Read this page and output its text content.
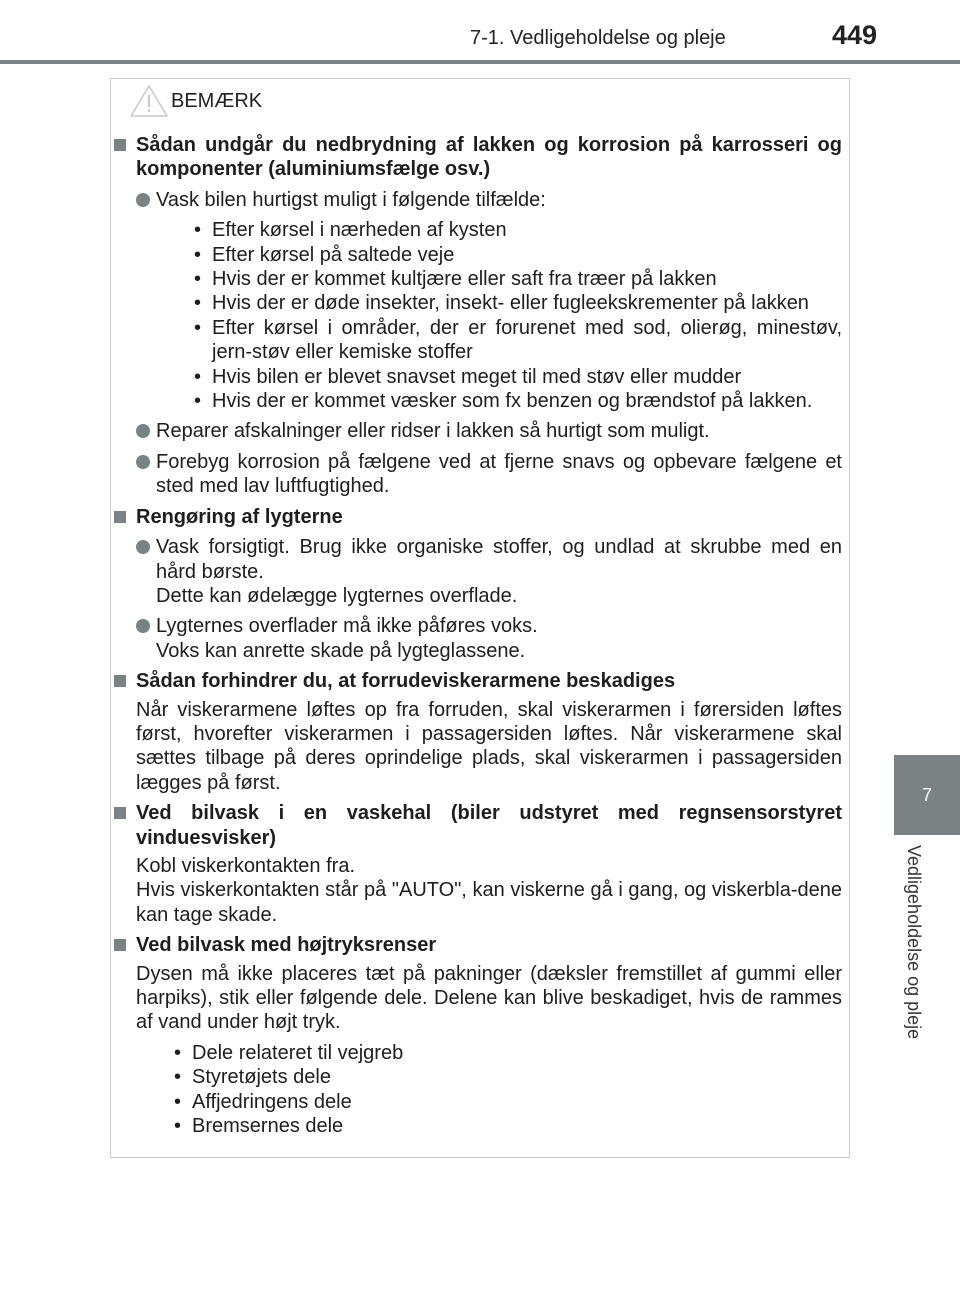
7-1. Vedligeholdelse og pleje	449
7
Vedligeholdelse og pleje
BEMÆRK
Sådan undgår du nedbrydning af lakken og korrosion på karrosseri og komponenter (aluminiumsfælge osv.)
Vask bilen hurtigst muligt i følgende tilfælde:
• Efter kørsel i nærheden af kysten
• Efter kørsel på saltede veje
• Hvis der er kommet kultjære eller saft fra træer på lakken
• Hvis der er døde insekter, insekt- eller fugleekskrementer på lakken
• Efter kørsel i områder, der er forurenet med sod, olierøg, minestøv, jern-støv eller kemiske stoffer
• Hvis bilen er blevet snavset meget til med støv eller mudder
• Hvis der er kommet væsker som fx benzen og brændstof på lakken.
Reparer afskalninger eller ridser i lakken så hurtigt som muligt.
Forebyg korrosion på fælgene ved at fjerne snavs og opbevare fælgene et sted med lav luftfugtighed.
Rengøring af lygterne
Vask forsigtigt. Brug ikke organiske stoffer, og undlad at skrubbe med en hård børste.
Dette kan ødelægge lygternes overflade.
Lygternes overflader må ikke påføres voks.
Voks kan anrette skade på lygteglassene.
Sådan forhindrer du, at forrudeviskerarmene beskadiges
Når viskerarmene løftes op fra forruden, skal viskerarmen i førersiden løftes først, hvorefter viskerarmen i passagersiden løftes. Når viskerarmene skal sættes tilbage på deres oprindelige plads, skal viskerarmen i passagersiden lægges på først.
Ved bilvask i en vaskehal (biler udstyret med regnsensorstyret vinduesvisker)
Kobl viskerkontakten fra.
Hvis viskerkontakten står på "AUTO", kan viskerne gå i gang, og viskerbla-dene kan tage skade.
Ved bilvask med højtryksrenser
Dysen må ikke placeres tæt på pakninger (dæksler fremstillet af gummi eller harpiks), stik eller følgende dele. Delene kan blive beskadiget, hvis de rammes af vand under højt tryk.
• Dele relateret til vejgreb
• Styretøjets dele
• Affjedringens dele
• Bremsernes dele
